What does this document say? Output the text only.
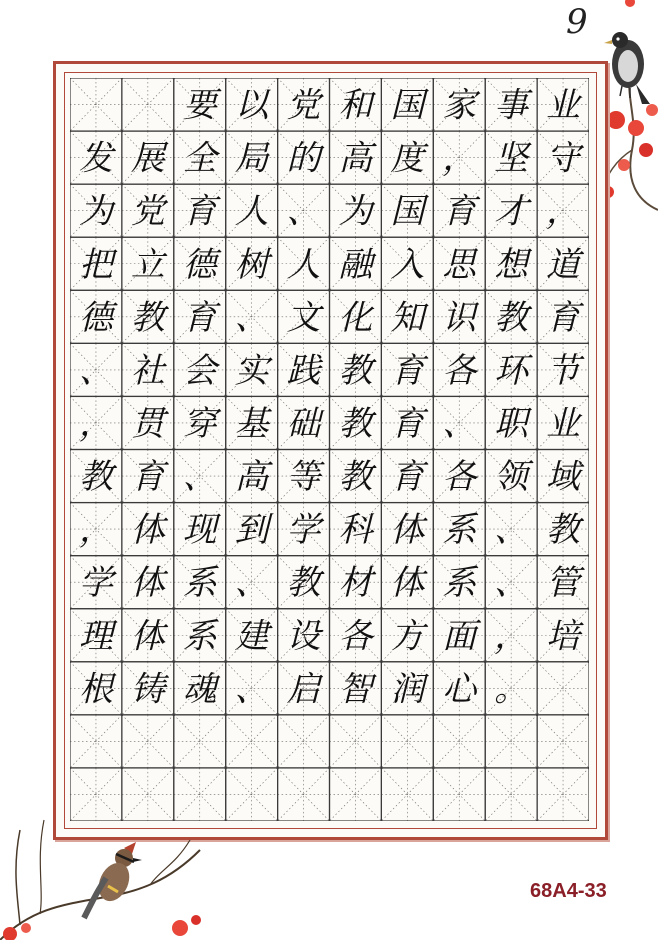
9
要 以 党 和 国 家 事 业
发 展 全 局 的 高 度 ， 坚 守
为 党 育 人 、 为 国 育 才 ，
把 立 德 树 人 融 入 思 想 道
德 教 育 、 文 化 知 识 教 育
、 社 会 实 践 教 育 各 环 节
， 贯 穿 基 础 教 育 、 职 业
教 育 、 高 等 教 育 各 领 域
， 体 现 到 学 科 体 系 、 教
学 体 系 、 教 材 体 系 、 管
理 体 系 建 设 各 方 面 ， 培
根 铸 魂 、 启 智 润 心 。
68A4-33
